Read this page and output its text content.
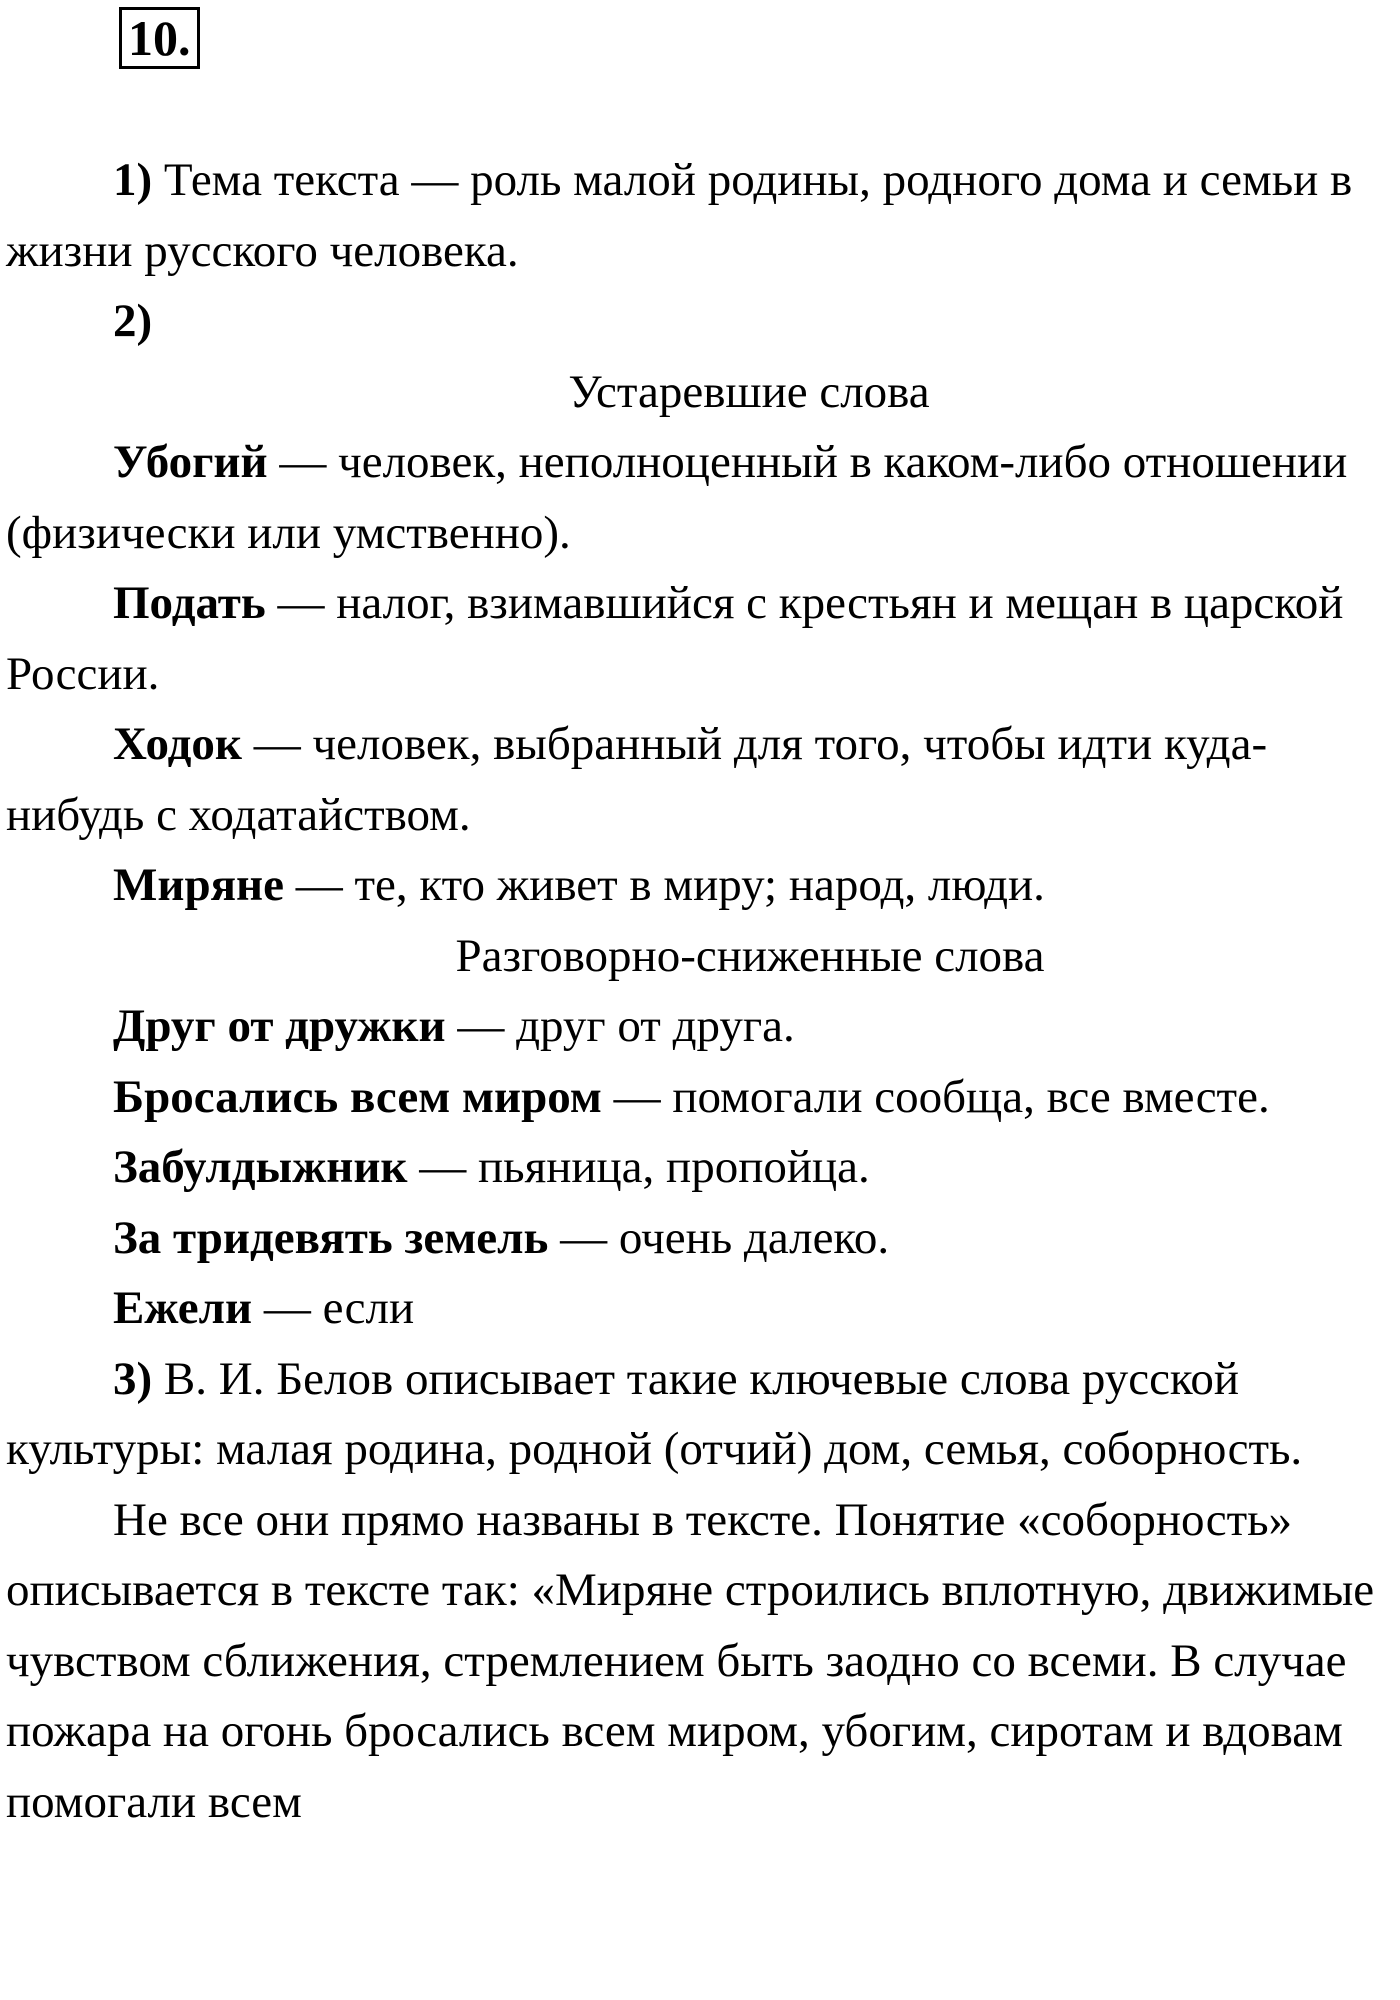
10.

1) Тема текста — роль малой родины, родного дома и семьи в жизни русского человека.

2)

Устаревшие слова

Убогий — человек, неполноценный в каком-либо отношении (физически или умственно).

Подать — налог, взимавшийся с крестьян и мещан в царской России.

Ходок — человек, выбранный для того, чтобы идти куда-нибудь с ходатайством.

Миряне — те, кто живет в миру; народ, люди.

Разговорно-сниженные слова

Друг от дружки — друг от друга.

Бросались всем миром — помогали сообща, все вместе.

Забулдыжник — пьяница, пропойца.

За тридевять земель — очень далеко.

Ежели — если

3) В. И. Белов описывает такие ключевые слова русской культуры: малая родина, родной (отчий) дом, семья, соборность.

Не все они прямо названы в тексте. Понятие «соборность» описывается в тексте так: «Миряне строились вплотную, движимые чувством сближения, стремлением быть заодно со всеми. В случае пожара на огонь бросались всем миром, убогим, сиротам и вдовам помогали всем
